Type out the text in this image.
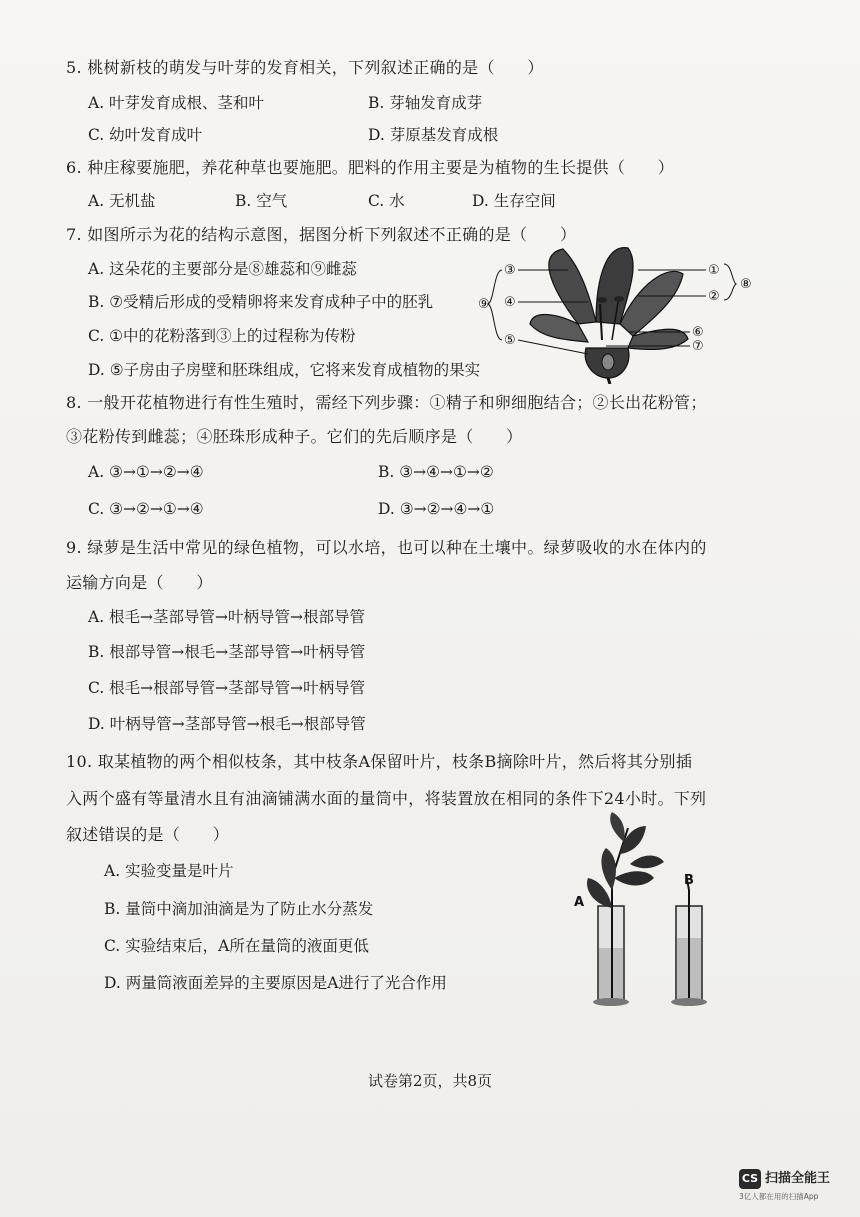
5. 桃树新枝的萌发与叶芽的发育相关，下列叙述正确的是（　　）
A. 叶芽发育成根、茎和叶	B. 芽轴发育成芽
C. 幼叶发育成叶	D. 芽原基发育成根
6. 种庄稼要施肥，养花种草也要施肥。肥料的作用主要是为植物的生长提供（　　）
A. 无机盐	B. 空气	C. 水	D. 生存空间
7. 如图所示为花的结构示意图，据图分析下列叙述不正确的是（　　）
A. 这朵花的主要部分是⑧雄蕊和⑨雌蕊
B. ⑦受精后形成的受精卵将来发育成种子中的胚乳
C. ①中的花粉落到③上的过程称为传粉
D. ⑤子房由子房壁和胚珠组成，它将来发育成植物的果实
③
④
⑤
⑨
①
②
⑧
⑥
⑦
8. 一般开花植物进行有性生殖时，需经下列步骤：①精子和卵细胞结合；②长出花粉管；
③花粉传到雌蕊；④胚珠形成种子。它们的先后顺序是（　　）
A. ③→①→②→④	B. ③→④→①→②
C. ③→②→①→④	D. ③→②→④→①
9. 绿萝是生活中常见的绿色植物，可以水培，也可以种在土壤中。绿萝吸收的水在体内的
运输方向是（　　）
A. 根毛→茎部导管→叶柄导管→根部导管
B. 根部导管→根毛→茎部导管→叶柄导管
C. 根毛→根部导管→茎部导管→叶柄导管
D. 叶柄导管→茎部导管→根毛→根部导管
10. 取某植物的两个相似枝条，其中枝条A保留叶片，枝条B摘除叶片，然后将其分别插
入两个盛有等量清水且有油滴铺满水面的量筒中，将装置放在相同的条件下24小时。下列
叙述错误的是（　　）
A. 实验变量是叶片
B. 量筒中滴加油滴是为了防止水分蒸发
C. 实验结束后，A所在量筒的液面更低
D. 两量筒液面差异的主要原因是A进行了光合作用
A
B
试卷第2页，共8页
CS 扫描全能王
3亿人都在用的扫描App
